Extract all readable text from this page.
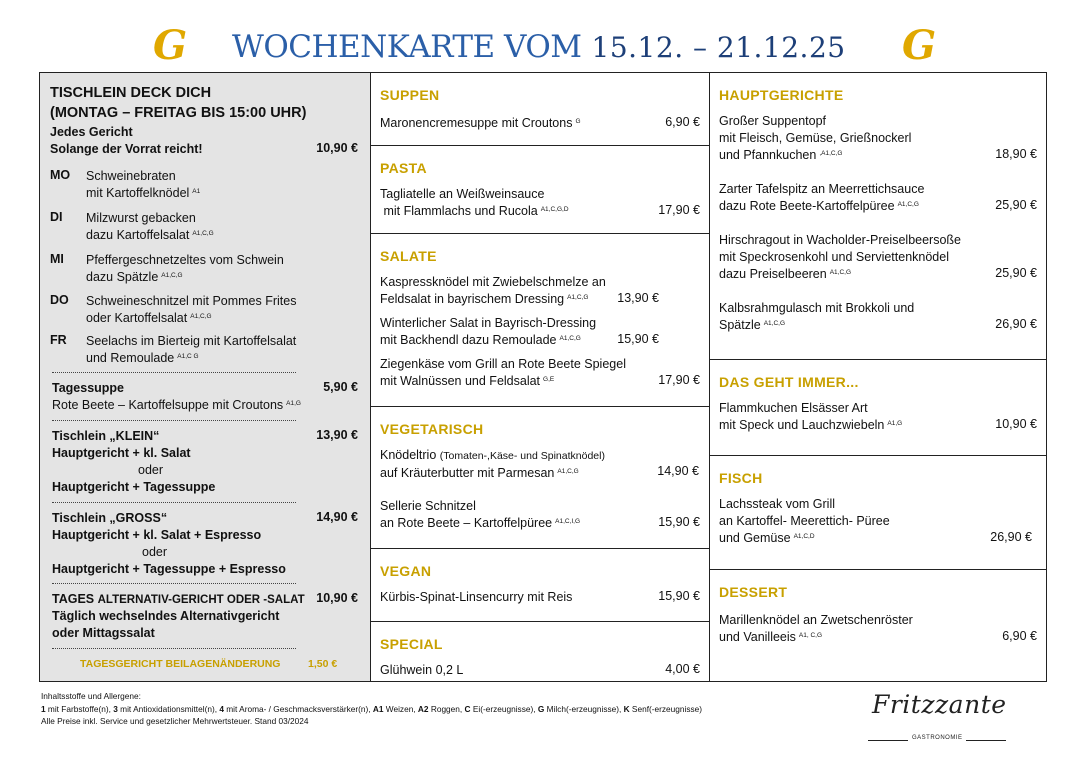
G WOCHENKARTE VOM 15.12. – 21.12.25 G
TISCHLEIN DECK DICH
(MONTAG – FREITAG BIS 15:00 UHR)
Jedes Gericht
Solange der Vorrat reicht!	10,90 €
MO Schweinebraten
mit Kartoffelknödel $^{A1}$
DI Milzwurst gebacken
dazu Kartoffelsalat $^{A1,C,G}$
MI Pfeffergeschnetzeltes vom Schwein
dazu Spätzle $^{A1,C,G}$
DO Schweineschnitzel mit Pommes Frites
oder Kartoffelsalat $^{A1,C,G}$
FR Seelachs im Bierteig mit Kartoffelsalat
und Remoulade $^{A1,C G}$
Tagessuppe	5,90 €
Rote Beete – Kartoffelsuppe mit Croutons $^{A1,G}$
Tischlein „KLEIN“	13,90 €
Hauptgericht + kl. Salat
oder
Hauptgericht + Tagessuppe
Tischlein „GROSS“	14,90 €
Hauptgericht + kl. Salat + Espresso
oder
Hauptgericht + Tagessuppe + Espresso
TAGES ALTERNATIV-GERICHT ODER -SALAT 10,90 €
Täglich wechselndes Alternativgericht
oder Mittagssalat
TAGESGERICHT BEILAGENÄNDERUNG	1,50 €
SUPPEN
Maronencremesuppe mit Croutons $^G$	6,90 €
PASTA
Tagliatelle an Weißweinsauce
mit Flammlachs und Rucola $^{A1,C,G,D}$	17,90 €
SALATE
Kaspressknödel mit Zwiebelschmelze an
Feldsalat in bayrischem Dressing $^{A1,C,G}$	13,90 €
Winterlicher Salat in Bayrisch-Dressing
mit Backhendl dazu Remoulade $^{A1,C,G}$	15,90 €
Ziegenkäse vom Grill an Rote Beete Spiegel
mit Walnüssen und Feldsalat $^{G,E}$	17,90 €
VEGETARISCH
Knödeltrio (Tomaten-,Käse- und Spinatknödel)
auf Kräuterbutter mit Parmesan $^{A1,C,G}$	14,90 €
Sellerie Schnitzel
an Rote Beete – Kartoffelpüree $^{A1,C,I,G}$	15,90 €
VEGAN
Kürbis-Spinat-Linsencurry mit Reis	15,90 €
SPECIAL
Glühwein 0,2 L	4,00 €
HAUPTGERICHTE
Großer Suppentopf
mit Fleisch, Gemüse, Grießnockerl
und Pfannkuchen $^{,A1,C,G}$	18,90 €
Zarter Tafelspitz an Meerrettichsauce
dazu Rote Beete-Kartoffelpüree $^{A1,C,G}$	25,90 €
Hirschragout in Wacholder-Preiselbeersoße
mit Speckrosenkohl und Serviettenknödel
dazu Preiselbeeren $^{A1,C,G}$	25,90 €
Kalbsrahmgulasch mit Brokkoli und
Spätzle $^{A1,C,G}$	26,90 €
DAS GEHT IMMER...
Flammkuchen Elsässer Art
mit Speck und Lauchzwiebeln $^{A1,G}$	10,90 €
FISCH
Lachssteak vom Grill
an Kartoffel- Meerettich- Püree
und Gemüse $^{A1,C,D}$	26,90 €
DESSERT
Marillenknödel an Zwetschenröster
und Vanilleeis $^{A1, C,G}$	6,90 €
Inhaltsstoffe und Allergene:
1 mit Farbstoffe(n), 3 mit Antioxidationsmittel(n), 4 mit Aroma- / Geschmacksverstärker(n), A1 Weizen, A2 Roggen, C Ei(-erzeugnisse), G Milch(-erzeugnisse), K Senf(-erzeugnisse)
Alle Preise inkl. Service und gesetzlicher Mehrwertsteuer. Stand 03/2024
Fritzzante
GASTRONOMIE
